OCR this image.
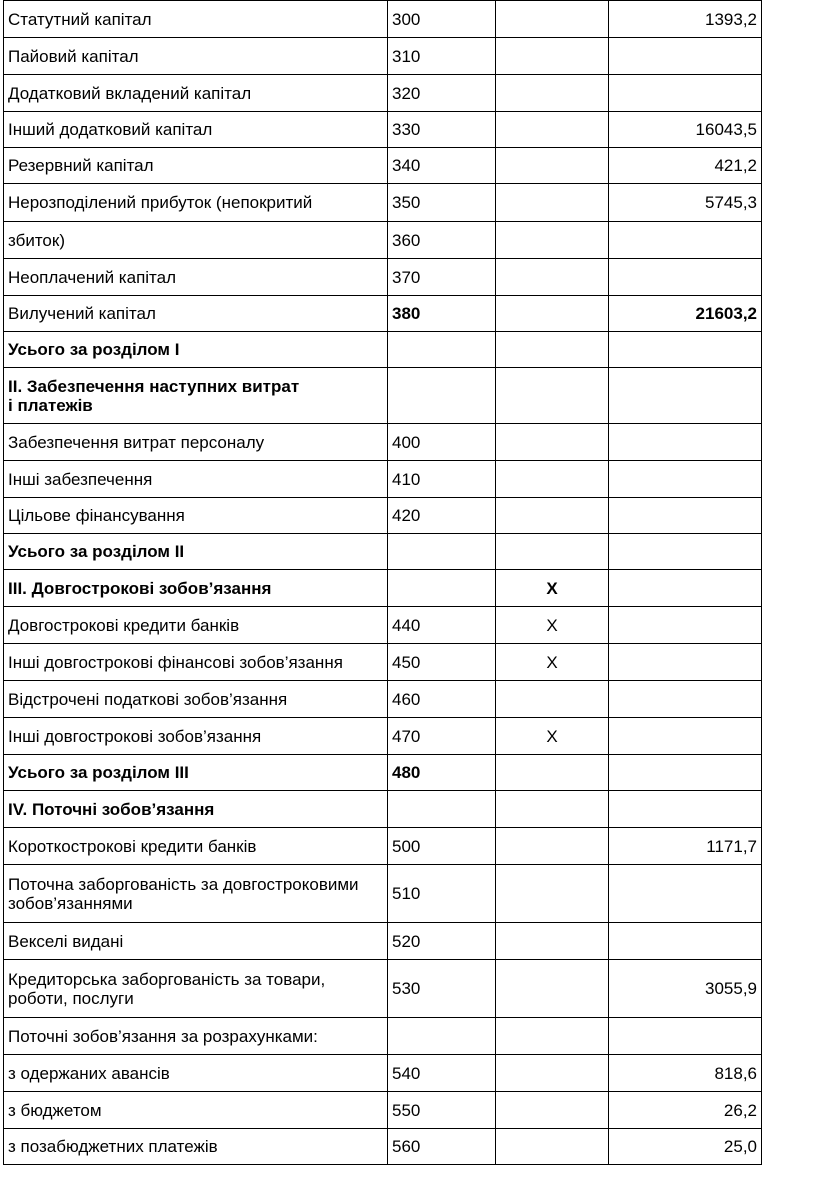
Статутний капітал	300		1393,2
Пайовий капітал	310		
Додатковий вкладений капітал	320		
Інший додатковий капітал	330		16043,5
Резервний капітал	340		421,2
Нерозподілений прибуток (непокритий	350		5745,3
збиток)	360		
Неоплачений капітал	370		
Вилучений капітал	380		21603,2
Усього за розділом I			
II. Забезпечення наступних витрат
і платежів			
Забезпечення витрат персоналу	400		
Інші забезпечення	410		
Цільове фінансування	420		
Усього за розділом II			
III. Довгострокові зобов’язання		X	
Довгострокові кредити банків	440	X	
Інші довгострокові фінансові зобов’язання	450	X	
Відстрочені податкові зобов’язання	460		
Інші довгострокові зобов’язання	470	X	
Усього за розділом III	480		
IV. Поточні зобов’язання			
Короткострокові кредити банків	500		1171,7
Поточна заборгованість за довгостроковими
зобов’язаннями	510		
Векселі видані	520		
Кредиторська заборгованість за товари,
роботи, послуги	530		3055,9
Поточні зобов’язання за розрахунками:			
з одержаних авансів	540		818,6
з бюджетом	550		26,2
з позабюджетних платежів	560		25,0
